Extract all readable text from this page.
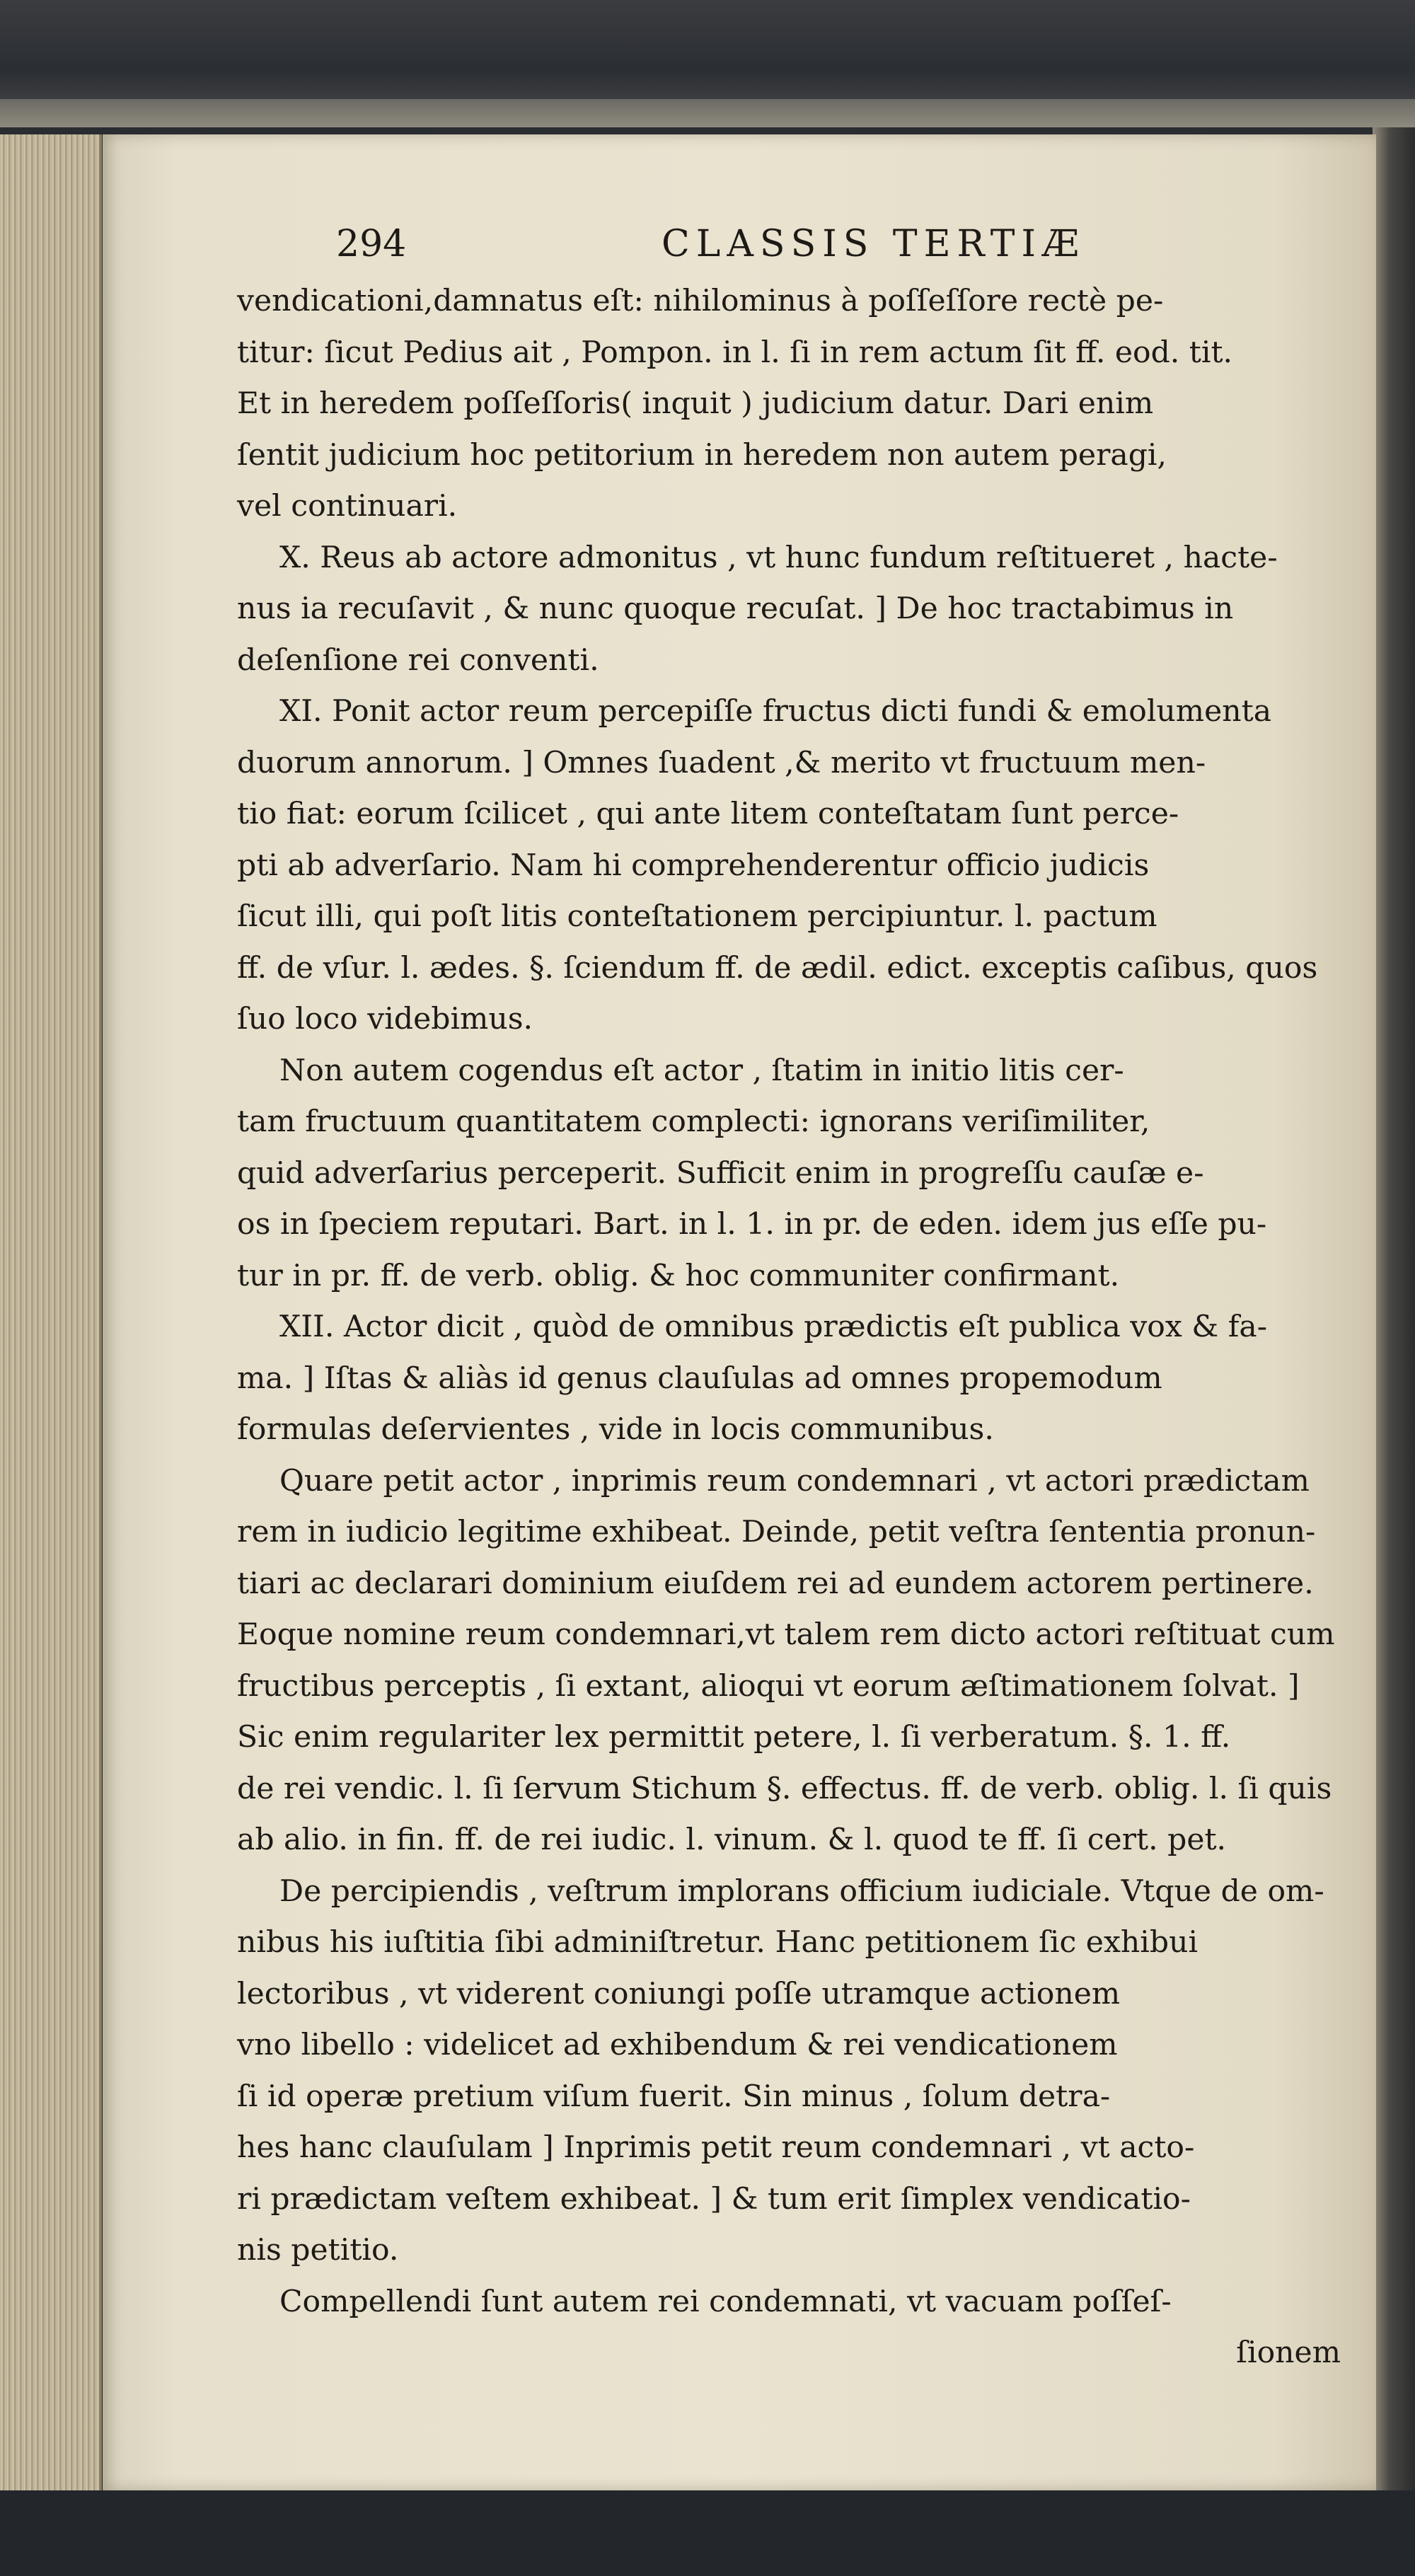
294	CLASSIS TERTIÆ
vendicationi,damnatus eſt: nihilominus à poſſeſſore rectè pe-
titur: ſicut Pedius ait , Pompon. in l. ſi in rem actum ſit ff. eod. tit.
Et in heredem poſſeſſoris( inquit ) judicium datur. Dari enim
ſentit judicium hoc petitorium in heredem non autem peragi,
vel continuari.
X. Reus ab actore admonitus , vt hunc fundum reſtitueret , hacte-
nus ia recuſavit , & nunc quoque recuſat. ] De hoc tractabimus in
deſenſione rei conventi.
XI. Ponit actor reum percepiſſe fructus dicti fundi & emolumenta
duorum annorum. ] Omnes ſuadent ,& merito vt fructuum men-
tio fiat: eorum ſcilicet , qui ante litem conteſtatam ſunt perce-
pti ab adverſario. Nam hi comprehenderentur officio judicis
ſicut illi, qui poſt litis conteſtationem percipiuntur. l. pactum
ff. de vſur. l. ædes. §. ſciendum ff. de ædil. edict. exceptis caſibus, quos
ſuo loco videbimus.
Non autem cogendus eſt actor , ſtatim in initio litis cer-
tam fructuum quantitatem complecti: ignorans veriſimiliter,
quid adverſarius perceperit. Sufficit enim in progreſſu cauſæ e-
os in ſpeciem reputari. Bart. in l. 1. in pr. de eden. idem jus eſſe pu-
tur in pr. ff. de verb. oblig. & hoc communiter confirmant.
XII. Actor dicit , quòd de omnibus prædictis eſt publica vox & fa-
ma. ] Iſtas & aliàs id genus clauſulas ad omnes propemodum
formulas deſervientes , vide in locis communibus.
Quare petit actor , inprimis reum condemnari , vt actori prædictam
rem in iudicio legitime exhibeat. Deinde, petit veſtra ſententia pronun-
tiari ac declarari dominium eiuſdem rei ad eundem actorem pertinere.
Eoque nomine reum condemnari,vt talem rem dicto actori reſtituat cum
fructibus perceptis , ſi extant, alioqui vt eorum æſtimationem ſolvat. ]
Sic enim regulariter lex permittit petere, l. ſi verberatum. §. 1. ff.
de rei vendic. l. ſi ſervum Stichum §. effectus. ff. de verb. oblig. l. ſi quis
ab alio. in fin. ff. de rei iudic. l. vinum. & l. quod te ff. ſi cert. pet.
De percipiendis , veſtrum implorans officium iudiciale. Vtque de om-
nibus his iuſtitia ſibi adminiſtretur. Hanc petitionem ſic exhibui
lectoribus , vt viderent coniungi poſſe utramque actionem
vno libello : videlicet ad exhibendum & rei vendicationem
ſi id operæ pretium viſum fuerit. Sin minus , ſolum detra-
hes hanc clauſulam ] Inprimis petit reum condemnari , vt acto-
ri prædictam veſtem exhibeat. ] & tum erit ſimplex vendicatio-
nis petitio.
Compellendi ſunt autem rei condemnati, vt vacuam poſſeſ-
ſionem
